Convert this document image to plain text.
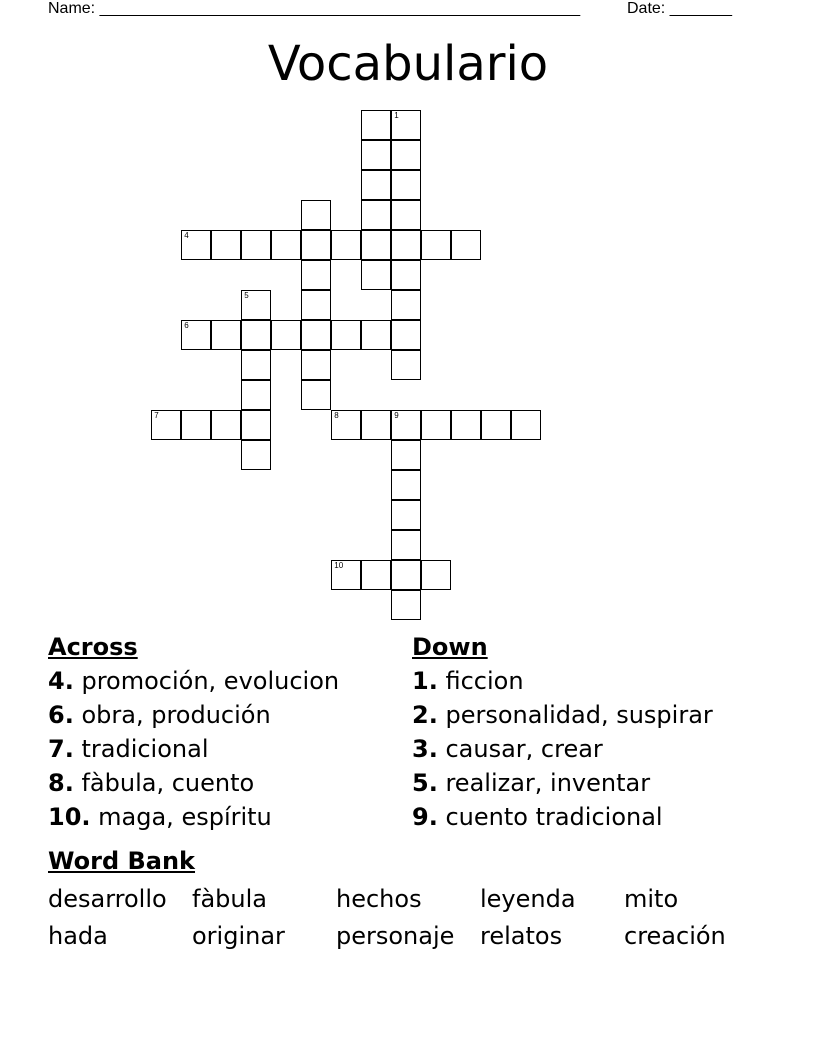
Name: ______________________________________________________	Date: _______
Vocabulario
1
4
5
6
7	8	9
10
Across
4. promoción, evolucion
6. obra, produción
7. tradicional
8. fàbula, cuento
10. maga, espíritu
Down
1. ficcion
2. personalidad, suspirar
3. causar, crear
5. realizar, inventar
9. cuento tradicional
Word Bank
desarrollo fàbula	hechos leyenda mito
hada	originar personaje relatos	creación
